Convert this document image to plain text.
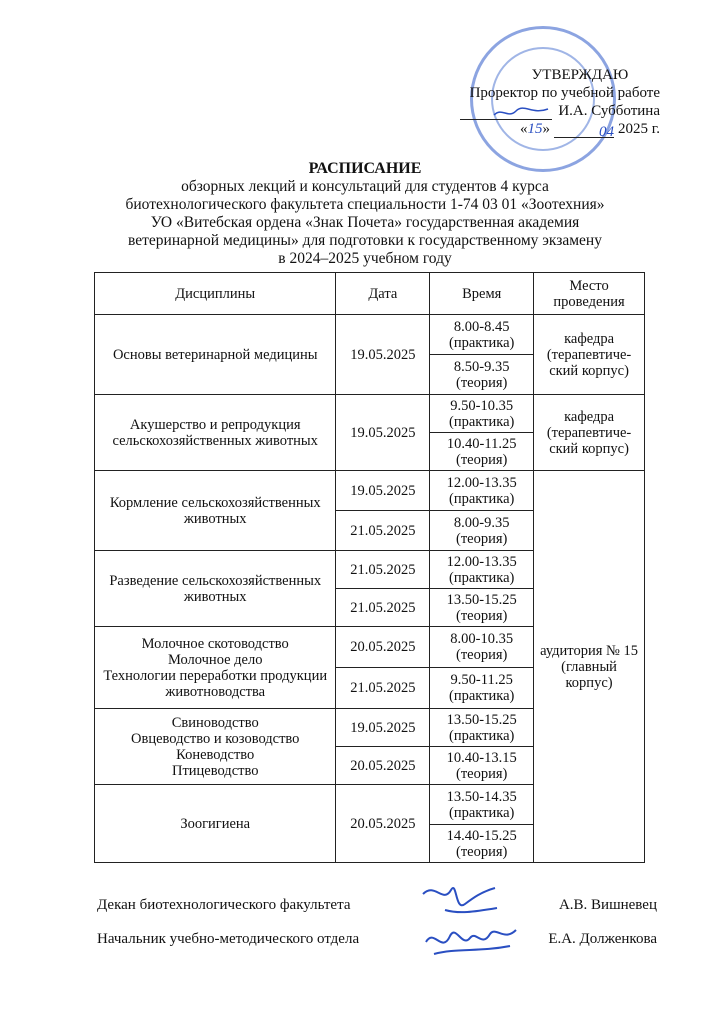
УТВЕРЖДАЮ
Проректор по учебной работе
И.А. Субботина
«15»	04 2025 г.
РАСПИСАНИЕ
обзорных лекций и консультаций для студентов 4 курса
биотехнологического факультета специальности 1-74 03 01 «Зоотехния»
УО «Витебская ордена «Знак Почета» государственная академия
ветеринарной медицины» для подготовки к государственному экзамену
в 2024–2025 учебном году
Дисциплины	Дата	Время	Место проведения
Основы ветеринарной медицины	19.05.2025	8.00-8.45 (практика)	кафедра (терапевтиче-ский корпус)
		8.50-9.35 (теория)	
Акушерство и репродукция сельскохозяйственных животных	19.05.2025	9.50-10.35 (практика)	кафедра (терапевтиче-ский корпус)
		10.40-11.25 (теория)	
Кормление сельскохозяйственных животных	19.05.2025	12.00-13.35 (практика)	аудитория № 15 (главный корпус)
	21.05.2025	8.00-9.35 (теория)	
Разведение сельскохозяйственных животных	21.05.2025	12.00-13.35 (практика)	
	21.05.2025	13.50-15.25 (теория)	
Молочное скотоводство
Молочное дело
Технологии переработки продукции животноводства	20.05.2025	8.00-10.35 (теория)	
	21.05.2025	9.50-11.25 (практика)	
Свиноводство
Овцеводство и козоводство
Коневодство
Птицеводство	19.05.2025	13.50-15.25 (практика)	
	20.05.2025	10.40-13.15 (теория)	
Зоогигиена	20.05.2025	13.50-14.35 (практика)	
		14.40-15.25 (теория)	
Декан биотехнологического факультета	А.В. Вишневец
Начальник учебно-методического отдела	Е.А. Долженкова
